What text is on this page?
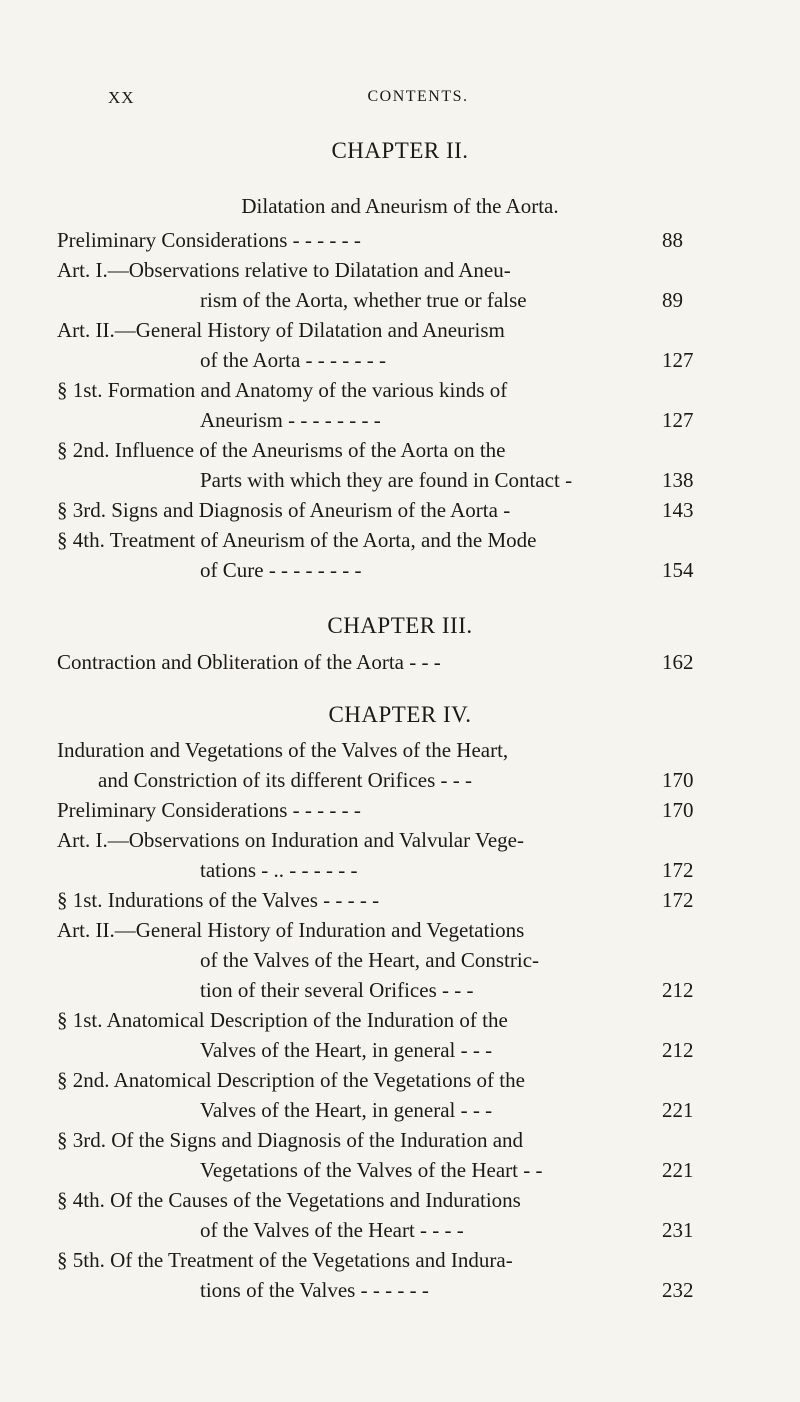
XX	CONTENTS.
CHAPTER II.
Dilatation and Aneurism of the Aorta.
Preliminary Considerations - - - - - -	88
Art. I.—Observations relative to Dilatation and Aneu-
rism of the Aorta, whether true or false	89
Art. II.—General History of Dilatation and Aneurism
of the Aorta - - - - - - -	127
§ 1st. Formation and Anatomy of the various kinds of
Aneurism - - - - - - - -	127
§ 2nd. Influence of the Aneurisms of the Aorta on the
Parts with which they are found in Contact -	138
§ 3rd. Signs and Diagnosis of Aneurism of the Aorta -	143
§ 4th. Treatment of Aneurism of the Aorta, and the Mode
of Cure - - - - - - - -	154
CHAPTER III.
Contraction and Obliteration of the Aorta - - -	162
CHAPTER IV.
Induration and Vegetations of the Valves of the Heart,
and Constriction of its different Orifices - - -	170
Preliminary Considerations - - - - - -	170
Art. I.—Observations on Induration and Valvular Vege-
tations - .. - - - - - -	172
§ 1st. Indurations of the Valves - - - - -	172
Art. II.—General History of Induration and Vegetations
of the Valves of the Heart, and Constric-
tion of their several Orifices - - -	212
§ 1st. Anatomical Description of the Induration of the
Valves of the Heart, in general - - -	212
§ 2nd. Anatomical Description of the Vegetations of the
Valves of the Heart, in general - - -	221
§ 3rd. Of the Signs and Diagnosis of the Induration and
Vegetations of the Valves of the Heart - -	221
§ 4th. Of the Causes of the Vegetations and Indurations
of the Valves of the Heart - - - -	231
§ 5th. Of the Treatment of the Vegetations and Indura-
tions of the Valves - - - - - -	232
